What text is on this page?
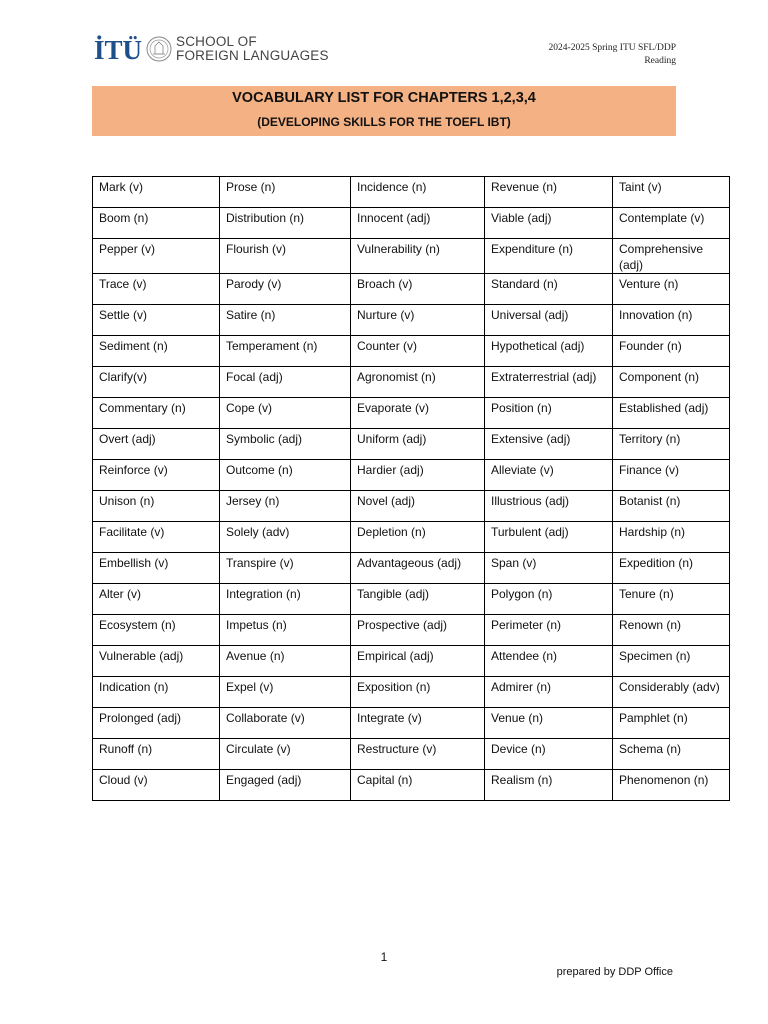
İTÜ	SCHOOL OF
FOREIGN LANGUAGES	2024-2025 Spring ITU SFL/DDP
Reading
VOCABULARY LIST FOR CHAPTERS 1,2,3,4
(DEVELOPING SKILLS FOR THE TOEFL IBT)
Mark (v)	Prose (n)	Incidence (n)	Revenue (n)	Taint (v)
Boom (n)	Distribution (n)	Innocent (adj)	Viable (adj)	Contemplate (v)
Pepper (v)	Flourish (v)	Vulnerability (n)	Expenditure (n)	Comprehensive (adj)
Trace (v)	Parody (v)	Broach (v)	Standard (n)	Venture (n)
Settle (v)	Satire (n)	Nurture (v)	Universal (adj)	Innovation (n)
Sediment (n)	Temperament (n)	Counter (v)	Hypothetical (adj)	Founder (n)
Clarify(v)	Focal (adj)	Agronomist (n)	Extraterrestrial (adj)	Component (n)
Commentary (n)	Cope (v)	Evaporate (v)	Position (n)	Established (adj)
Overt (adj)	Symbolic (adj)	Uniform (adj)	Extensive (adj)	Territory (n)
Reinforce (v)	Outcome (n)	Hardier (adj)	Alleviate (v)	Finance (v)
Unison (n)	Jersey (n)	Novel (adj)	Illustrious (adj)	Botanist (n)
Facilitate (v)	Solely (adv)	Depletion (n)	Turbulent (adj)	Hardship (n)
Embellish (v)	Transpire (v)	Advantageous (adj)	Span (v)	Expedition (n)
Alter (v)	Integration (n)	Tangible (adj)	Polygon (n)	Tenure (n)
Ecosystem (n)	Impetus (n)	Prospective (adj)	Perimeter (n)	Renown (n)
Vulnerable (adj)	Avenue (n)	Empirical (adj)	Attendee (n)	Specimen (n)
Indication (n)	Expel (v)	Exposition (n)	Admirer (n)	Considerably (adv)
Prolonged (adj)	Collaborate (v)	Integrate (v)	Venue (n)	Pamphlet (n)
Runoff (n)	Circulate (v)	Restructure (v)	Device (n)	Schema (n)
Cloud (v)	Engaged (adj)	Capital (n)	Realism (n)	Phenomenon (n)
1
prepared by DDP Office
